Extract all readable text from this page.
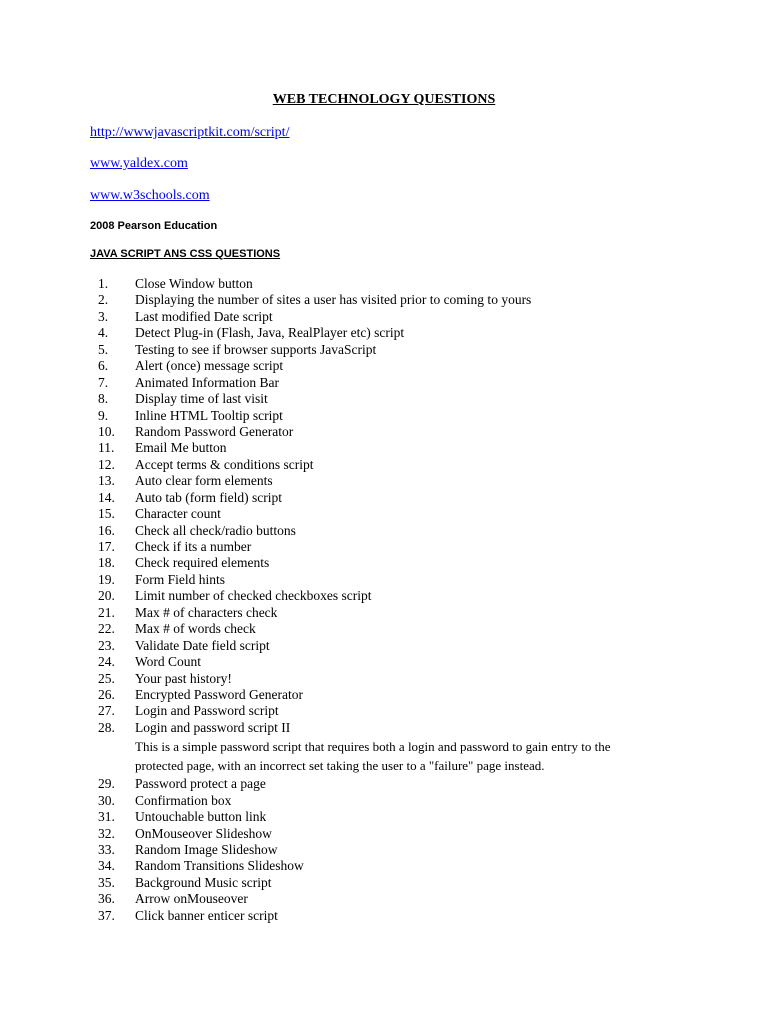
WEB TECHNOLOGY QUESTIONS
http://wwwjavascriptkit.com/script/
www.yaldex.com
www.w3schools.com
2008 Pearson Education
JAVA SCRIPT ANS CSS QUESTIONS
1.	Close Window button
2.	Displaying the number of sites a user has visited prior to coming to yours
3.	Last modified Date script
4.	Detect Plug-in (Flash, Java, RealPlayer etc) script
5.	Testing to see if browser supports JavaScript
6.	Alert (once) message script
7.	Animated Information Bar
8.	Display time of last visit
9.	Inline HTML Tooltip script
10.	Random Password Generator
11.	Email Me button
12.	Accept terms & conditions script
13.	Auto clear form elements
14.	Auto tab (form field) script
15.	Character count
16.	Check all check/radio buttons
17.	Check if its a number
18.	Check required elements
19.	Form Field hints
20.	Limit number of checked checkboxes script
21.	Max # of characters check
22.	Max # of words check
23.	Validate Date field script
24.	Word Count
25.	Your past history!
26.	Encrypted Password Generator
27.	Login and Password script
28.	Login and password script II
This is a simple password script that requires both a login and password to gain entry to the protected page, with an incorrect set taking the user to a "failure" page instead.
29.	Password protect a page
30.	Confirmation box
31.	Untouchable button link
32.	OnMouseover Slideshow
33.	Random Image Slideshow
34.	Random Transitions Slideshow
35.	Background Music script
36.	Arrow onMouseover
37.	Click banner enticer script
